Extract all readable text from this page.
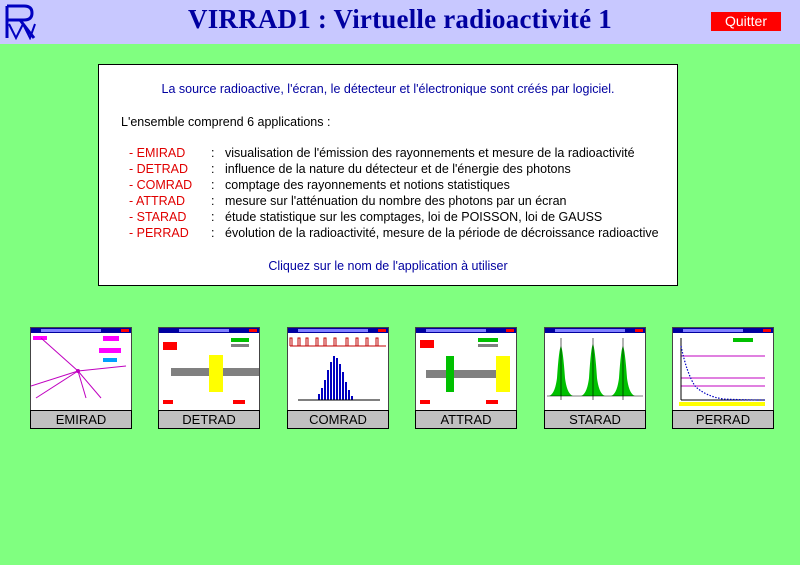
VIRRAD1 : Virtuelle radioactivité 1	Quitter
La source radioactive, l'écran, le détecteur et l'électronique sont créés par logiciel.
L'ensemble comprend 6 applications :
- EMIRAD : visualisation de l'émission des rayonnements et mesure de la radioactivité
- DETRAD : influence de la nature du détecteur et de l'énergie des photons
- COMRAD : comptage des rayonnements et notions statistiques
- ATTRAD : mesure sur l'atténuation du nombre des photons par un écran
- STARAD : étude statistique sur les comptages, loi de POISSON, loi de GAUSS
- PERRAD : évolution de la radioactivité, mesure de la période de décroissance radioactive
Cliquez sur le nom de l'application à utiliser
EMIRAD	DETRAD	COMRAD	ATTRAD	STARAD	PERRAD
